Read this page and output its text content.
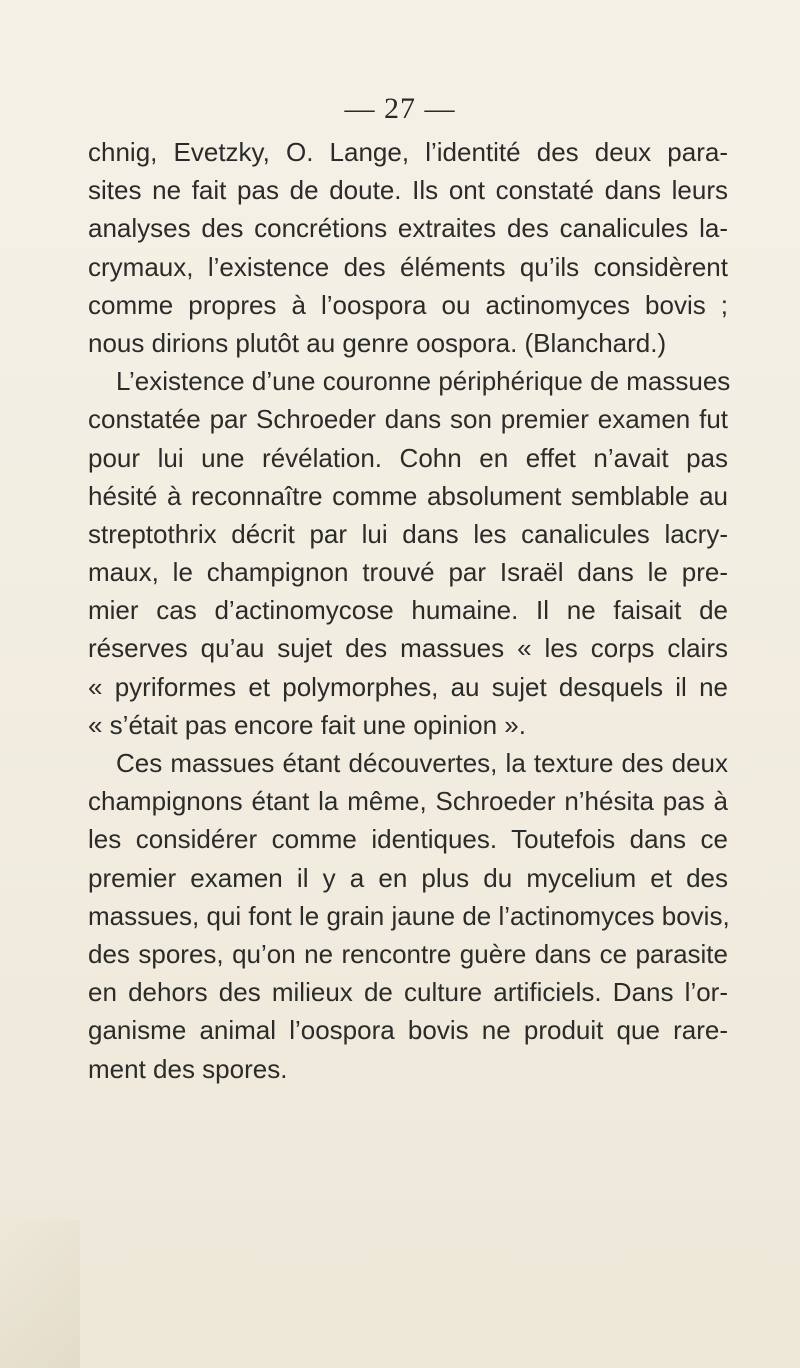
— 27 —
chnig, Evetzky, O. Lange, l’identité des deux para-
sites ne fait pas de doute. Ils ont constaté dans leurs
analyses des concrétions extraites des canalicules la-
crymaux, l’existence des éléments qu’ils considèrent
comme propres à l’oospora ou actinomyces bovis ;
nous dirions plutôt au genre oospora. (Blanchard.)
L’existence d’une couronne périphérique de massues
constatée par Schroeder dans son premier examen fut
pour lui une révélation. Cohn en effet n’avait pas
hésité à reconnaître comme absolument semblable au
streptothrix décrit par lui dans les canalicules lacry-
maux, le champignon trouvé par Israël dans le pre-
mier cas d’actinomycose humaine. Il ne faisait de
réserves qu’au sujet des massues « les corps clairs
« pyriformes et polymorphes, au sujet desquels il ne
« s’était pas encore fait une opinion ».
Ces massues étant découvertes, la texture des deux
champignons étant la même, Schroeder n’hésita pas à
les considérer comme identiques. Toutefois dans ce
premier examen il y a en plus du mycelium et des
massues, qui font le grain jaune de l’actinomyces bovis,
des spores, qu’on ne rencontre guère dans ce parasite
en dehors des milieux de culture artificiels. Dans l’or-
ganisme animal l’oospora bovis ne produit que rare-
ment des spores.
